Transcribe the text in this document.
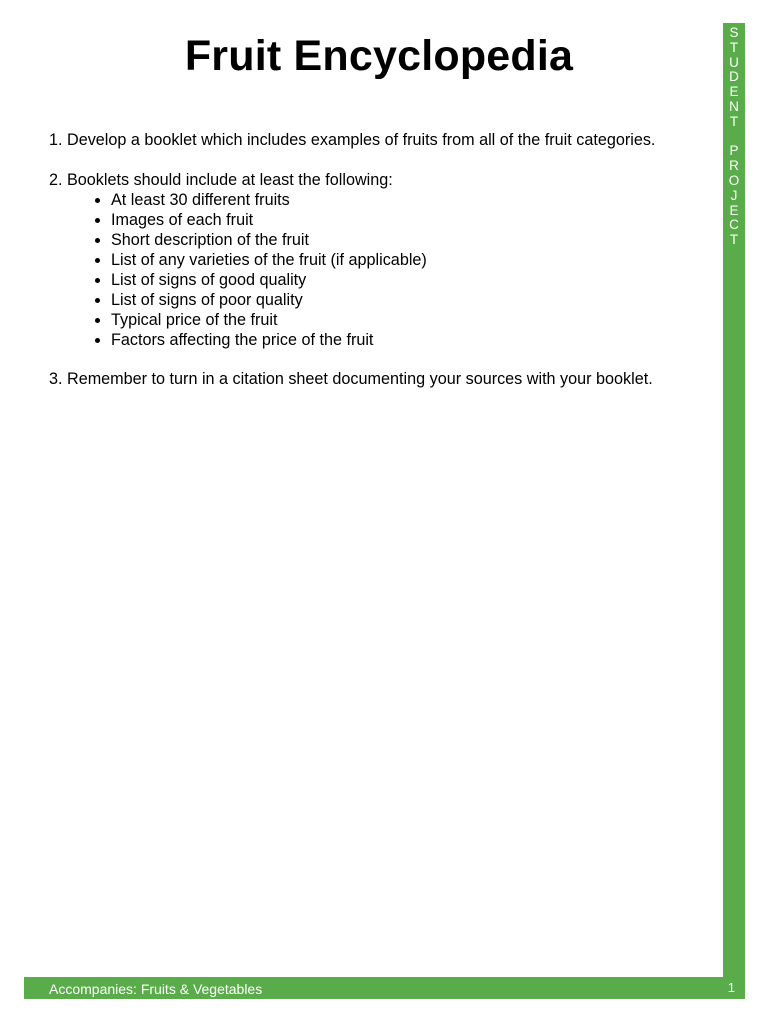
Fruit Encyclopedia
1. Develop a booklet which includes examples of fruits from all of the fruit categories.
2. Booklets should include at least the following:
At least 30 different fruits
Images of each fruit
Short description of the fruit
List of any varieties of the fruit (if applicable)
List of signs of good quality
List of signs of poor quality
Typical price of the fruit
Factors affecting the price of the fruit
3. Remember to turn in a citation sheet documenting your sources with your booklet.
S
T
U
D
E
N
T
P
R
O
J
E
C
T
Accompanies: Fruits & Vegetables	1
